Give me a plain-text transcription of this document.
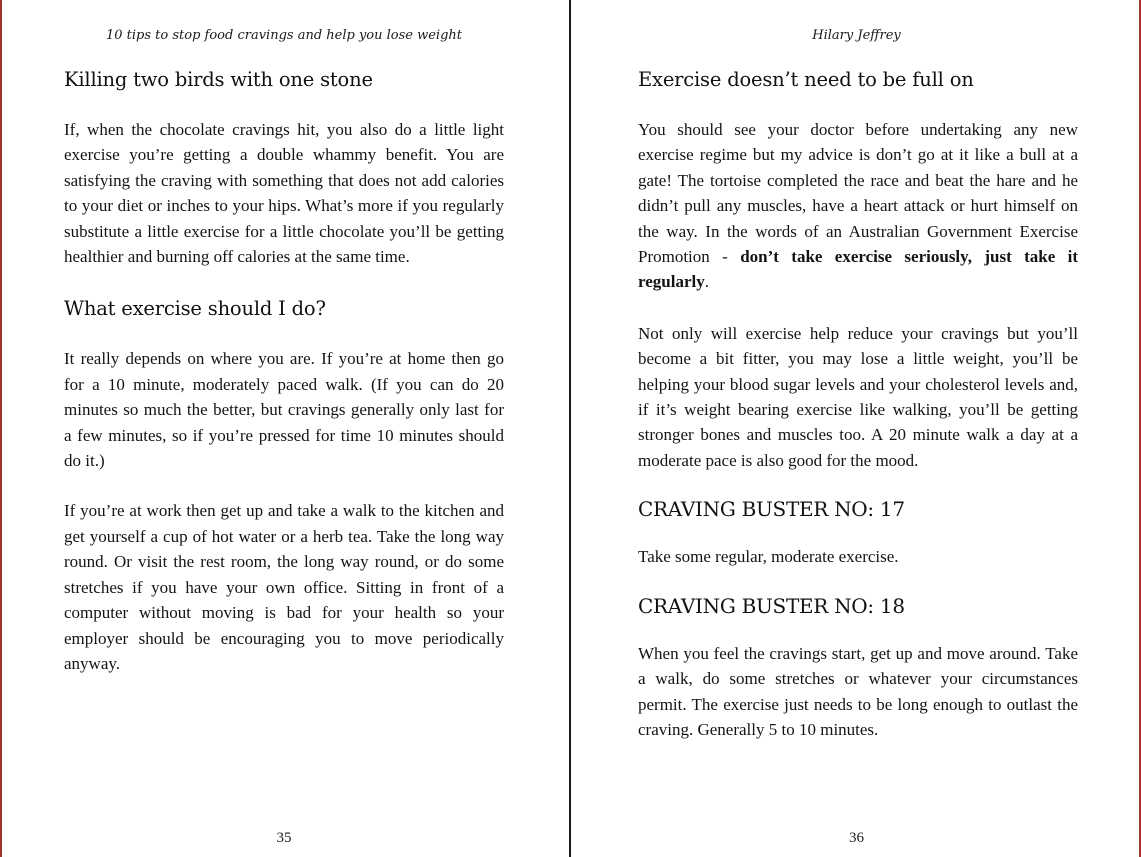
10 tips to stop food cravings and help you lose weight

Killing two birds with one stone

If, when the chocolate cravings hit, you also do a little light exercise you’re getting a double whammy benefit. You are satisfying the craving with something that does not add calories to your diet or inches to your hips. What’s more if you regularly substitute a little exercise for a little chocolate you’ll be getting healthier and burning off calories at the same time.

What exercise should I do?

It really depends on where you are. If you’re at home then go for a 10 minute, moderately paced walk. (If you can do 20 minutes so much the better, but cravings generally only last for a few minutes, so if you’re pressed for time 10 minutes should do it.)

If you’re at work then get up and take a walk to the kitchen and get yourself a cup of hot water or a herb tea. Take the long way round. Or visit the rest room, the long way round, or do some stretches if you have your own office. Sitting in front of a computer without moving is bad for your health so your employer should be encouraging you to move periodically anyway.

35

Hilary Jeffrey

Exercise doesn’t need to be full on

You should see your doctor before undertaking any new exercise regime but my advice is don’t go at it like a bull at a gate! The tortoise completed the race and beat the hare and he didn’t pull any muscles, have a heart attack or hurt himself on the way. In the words of an Australian Government Exercise Promotion - don’t take exercise seriously, just take it regularly.

Not only will exercise help reduce your cravings but you’ll become a bit fitter, you may lose a little weight, you’ll be helping your blood sugar levels and your cholesterol levels and, if it’s weight bearing exercise like walking, you’ll be getting stronger bones and muscles too. A 20 minute walk a day at a moderate pace is also good for the mood.

CRAVING BUSTER NO: 17

Take some regular, moderate exercise.

CRAVING BUSTER NO: 18

When you feel the cravings start, get up and move around. Take a walk, do some stretches or whatever your circumstances permit. The exercise just needs to be long enough to outlast the craving. Generally 5 to 10 minutes.

36
